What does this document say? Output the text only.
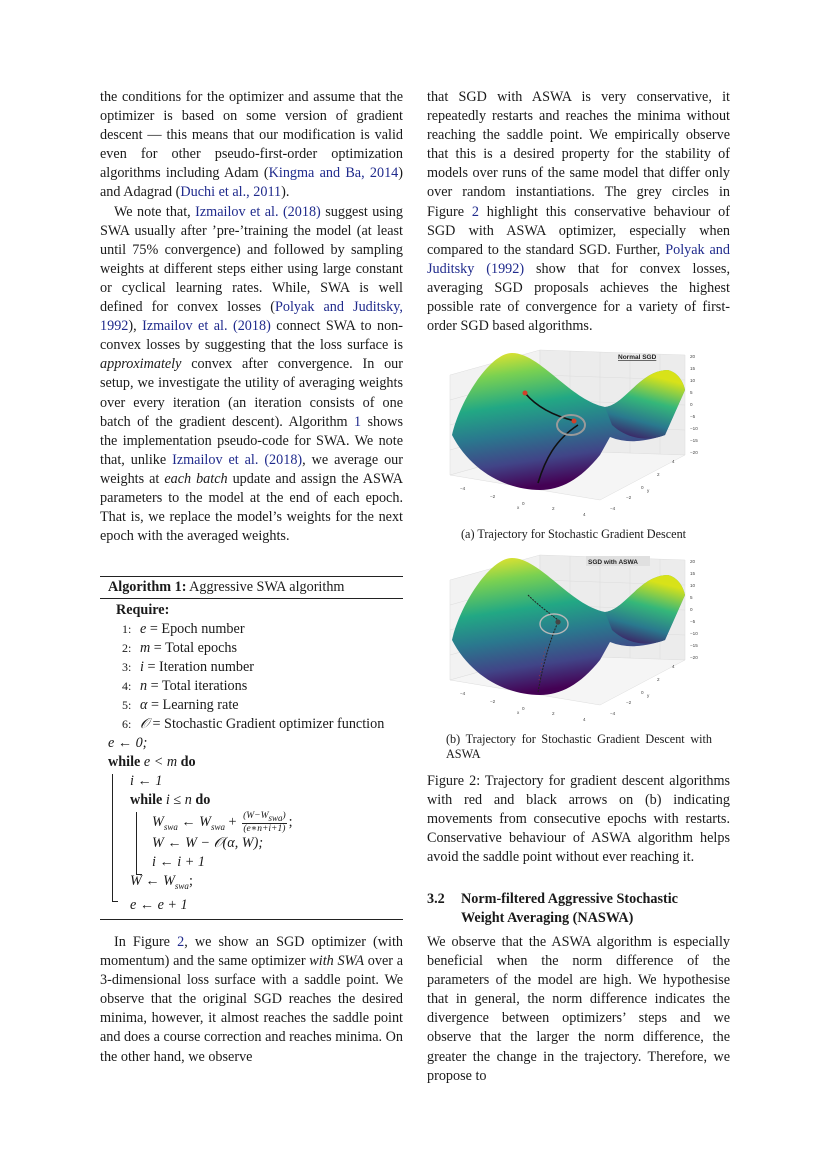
the conditions for the optimizer and assume that the optimizer is based on some version of gradient descent — this means that our modification is valid even for other pseudo-first-order optimization algorithms including Adam (Kingma and Ba, 2014) and Adagrad (Duchi et al., 2011).

We note that, Izmailov et al. (2018) suggest using SWA usually after ’pre-’training the model (at least until 75% convergence) and followed by sampling weights at different steps either using large constant or cyclical learning rates. While, SWA is well defined for convex losses (Polyak and Juditsky, 1992), Izmailov et al. (2018) connect SWA to non-convex losses by suggesting that the loss surface is approximately convex after convergence. In our setup, we investigate the utility of averaging weights over every iteration (an iteration consists of one batch of the gradient descent). Algorithm 1 shows the implementation pseudo-code for SWA. We note that, unlike Izmailov et al. (2018), we average our weights at each batch update and assign the ASWA parameters to the model at the end of each epoch. That is, we replace the model’s weights for the next epoch with the averaged weights.

Algorithm 1: Aggressive SWA algorithm
Require:
1: e = Epoch number
2: m = Total epochs
3: i = Iteration number
4: n = Total iterations
5: α = Learning rate
6: 𝒪 = Stochastic Gradient optimizer function
e ← 0;
while e < m do
i ← 1
while i ≤ n do
$W_{swa}$ ← $W_{swa} + \frac{(W-W_{swa})}{(e∗n+i+1)}$ ;
W ← W − 𝒪(α, W);
i ← i + 1
W ← $W_{swa}$;
e ← e + 1

In Figure 2, we show an SGD optimizer (with momentum) and the same optimizer with SWA over a 3-dimensional loss surface with a saddle point. We observe that the original SGD reaches the desired minima, however, it almost reaches the saddle point and does a course correction and reaches minima. On the other hand, we observe

that SGD with ASWA is very conservative, it repeatedly restarts and reaches the minima without reaching the saddle point. We empirically observe that this is a desired property for the stability of models over runs of the same model that differ only over random instantiations. The grey circles in Figure 2 highlight this conservative behaviour of SGD with ASWA optimizer, especially when compared to the standard SGD. Further, Polyak and Juditsky (1992) show that for convex losses, averaging SGD proposals achieves the highest possible rate of convergence for a variety of first-order SGD based algorithms.

Normal SGD	20
15
10
5
0
−5
−10
−15
−20
−4
−2
0
2
4
x
4
2
0
−2
−4
y
(a) Trajectory for Stochastic Gradient Descent
SGD with ASWA	20
15
10
5
0
−5
−10
−15
−20
−4
−2
0
2
4
x
4
2
0
−2
−4
y
(b) Trajectory for Stochastic Gradient Descent with ASWA
Figure 2: Trajectory for gradient descent algorithms with red and black arrows on (b) indicating movements from consecutive epochs with restarts. Conservative behaviour of ASWA algorithm helps avoid the saddle point without ever reaching it.
3.2 Norm-filtered Aggressive Stochastic
Weight Averaging (NASWA)
We observe that the ASWA algorithm is especially beneficial when the norm difference of the parameters of the model are high. We hypothesise that in general, the norm difference indicates the divergence between optimizers’ steps and we observe that the larger the norm difference, the greater the change in the trajectory. Therefore, we propose to
